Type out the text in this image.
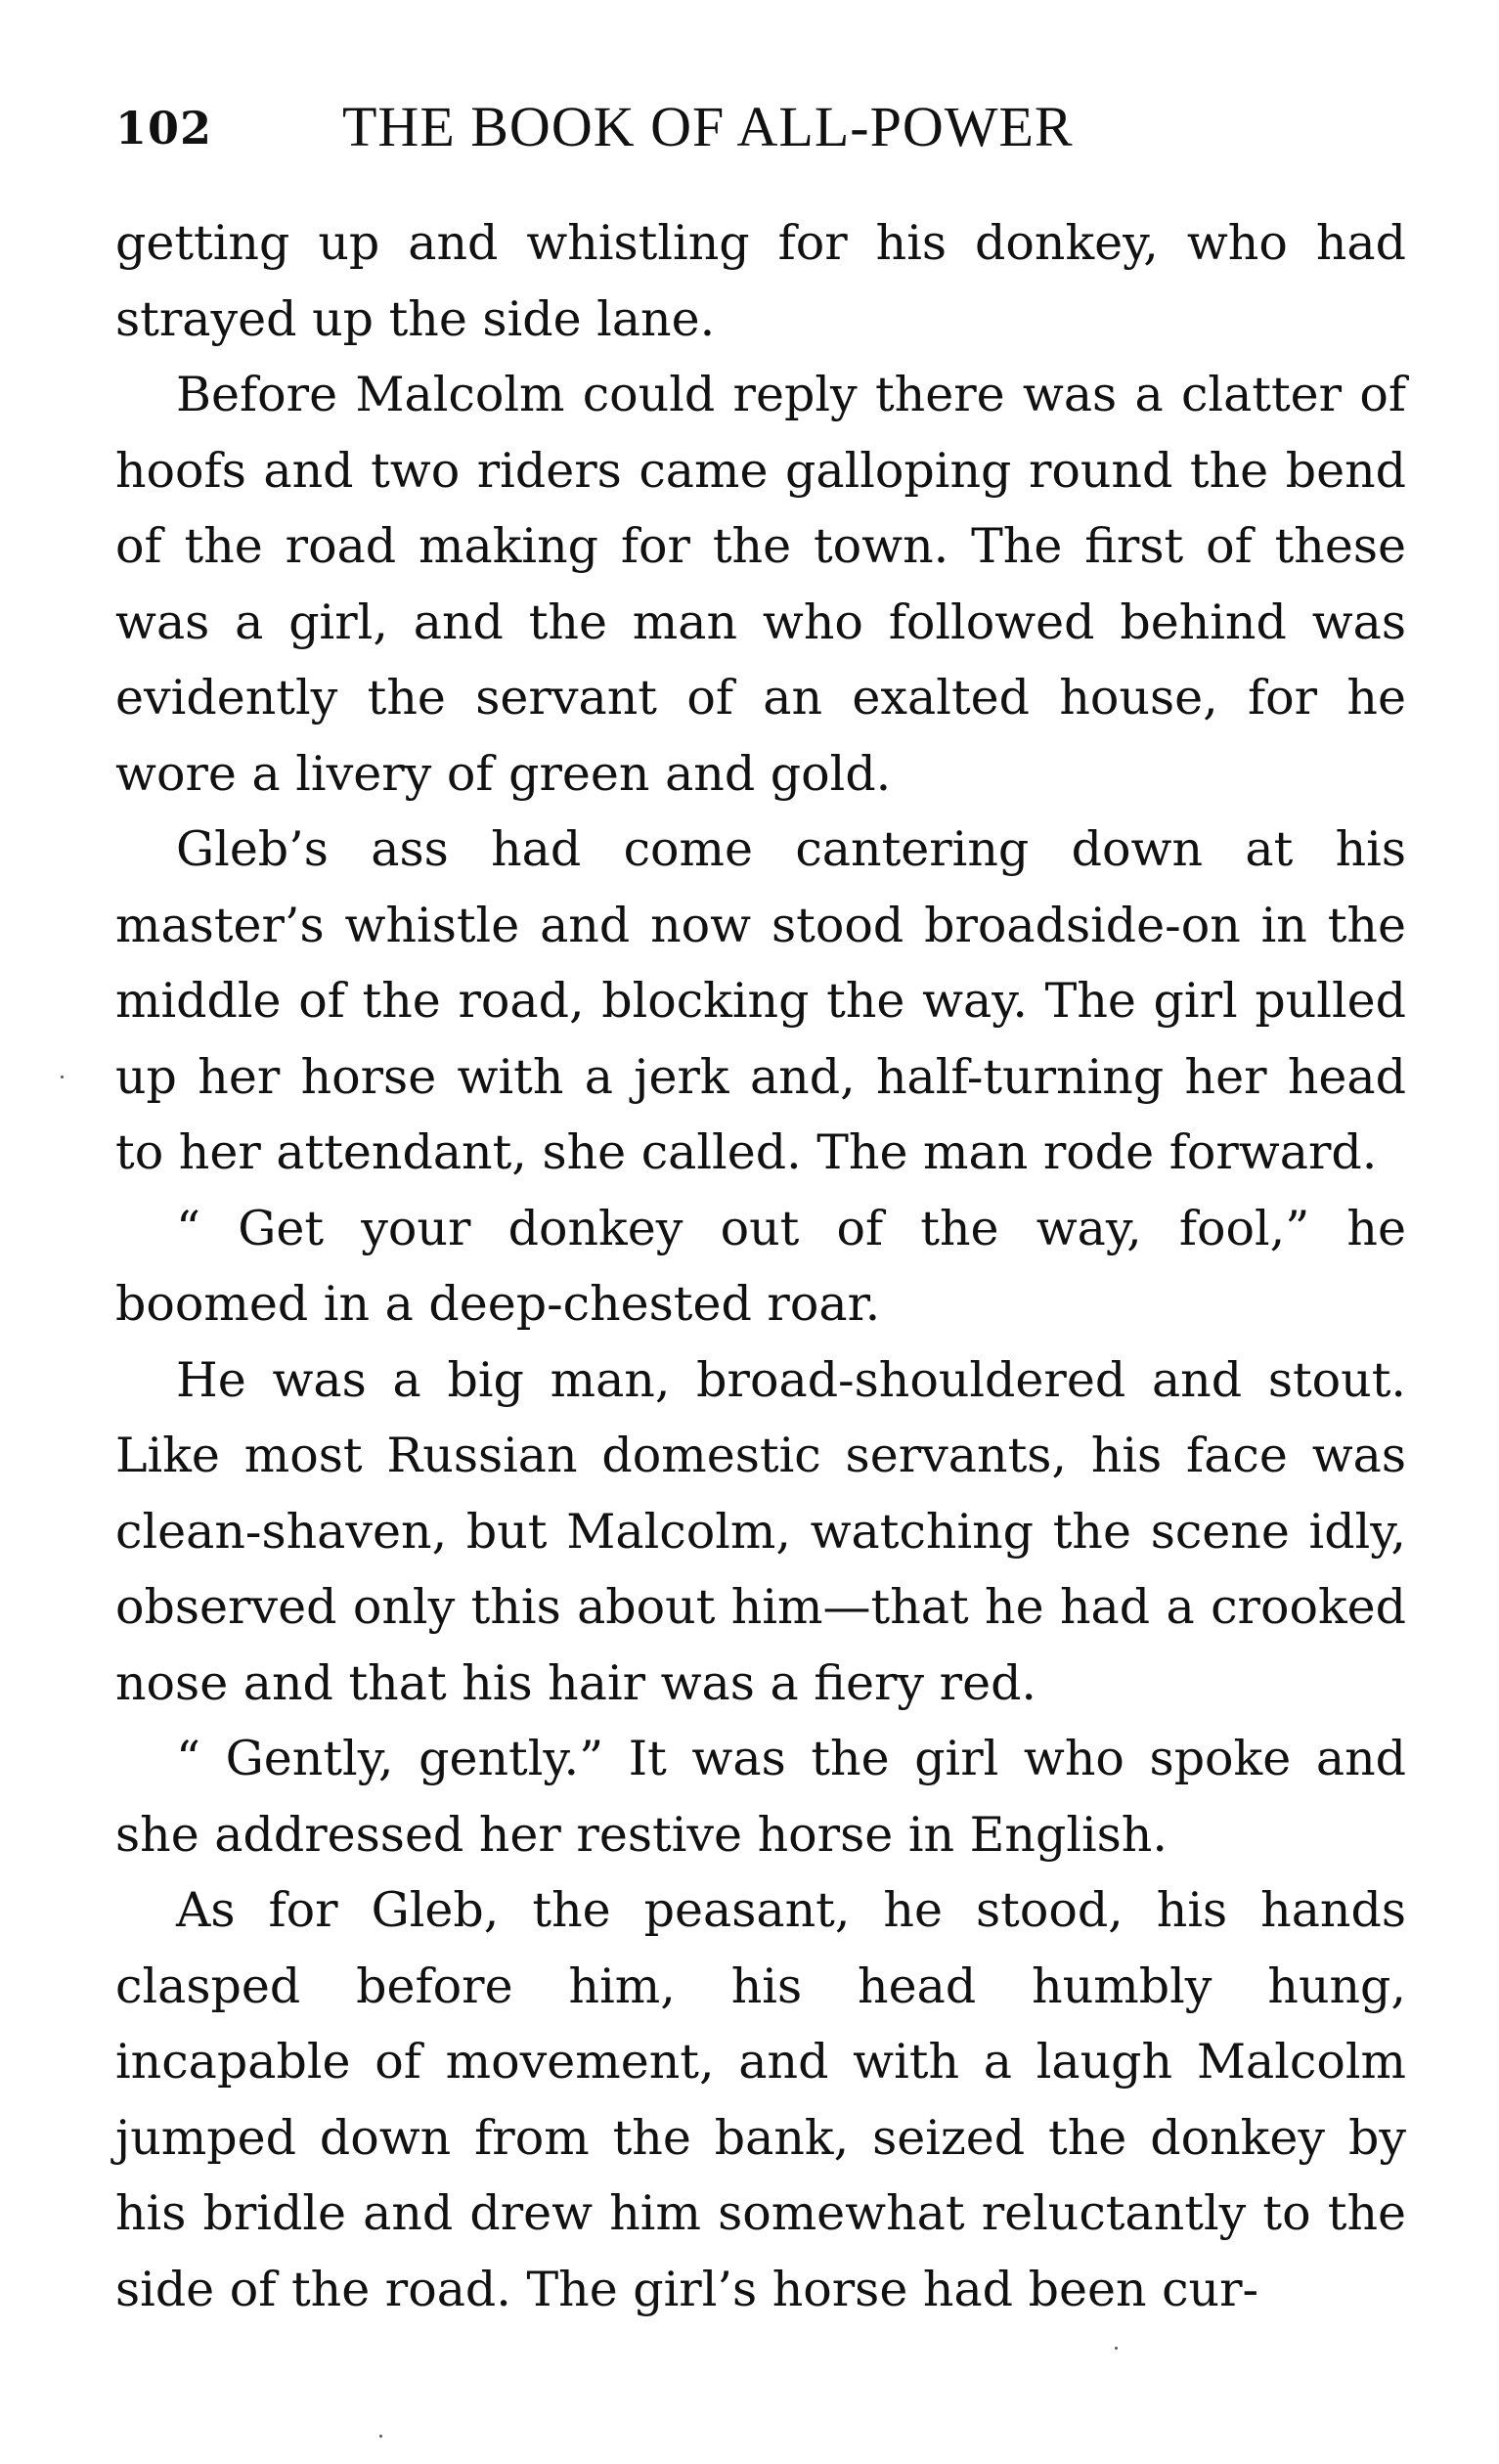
102 THE BOOK OF ALL-POWER

getting up and whistling for his donkey, who had strayed up the side lane.

Before Malcolm could reply there was a clatter of hoofs and two riders came galloping round the bend of the road making for the town. The first of these was a girl, and the man who followed behind was evidently the servant of an exalted house, for he wore a livery of green and gold.

Gleb’s ass had come cantering down at his master’s whistle and now stood broadside-on in the middle of the road, blocking the way. The girl pulled up her horse with a jerk and, half-turning her head to her attendant, she called. The man rode forward.

“ Get your donkey out of the way, fool,” he boomed in a deep-chested roar.

He was a big man, broad-shouldered and stout. Like most Russian domestic servants, his face was clean-shaven, but Malcolm, watching the scene idly, observed only this about him—that he had a crooked nose and that his hair was a fiery red.

“ Gently, gently.” It was the girl who spoke and she addressed her restive horse in English.

As for Gleb, the peasant, he stood, his hands clasped before him, his head humbly hung, incapable of movement, and with a laugh Malcolm jumped down from the bank, seized the donkey by his bridle and drew him somewhat reluctantly to the side of the road. The girl’s horse had been cur-
